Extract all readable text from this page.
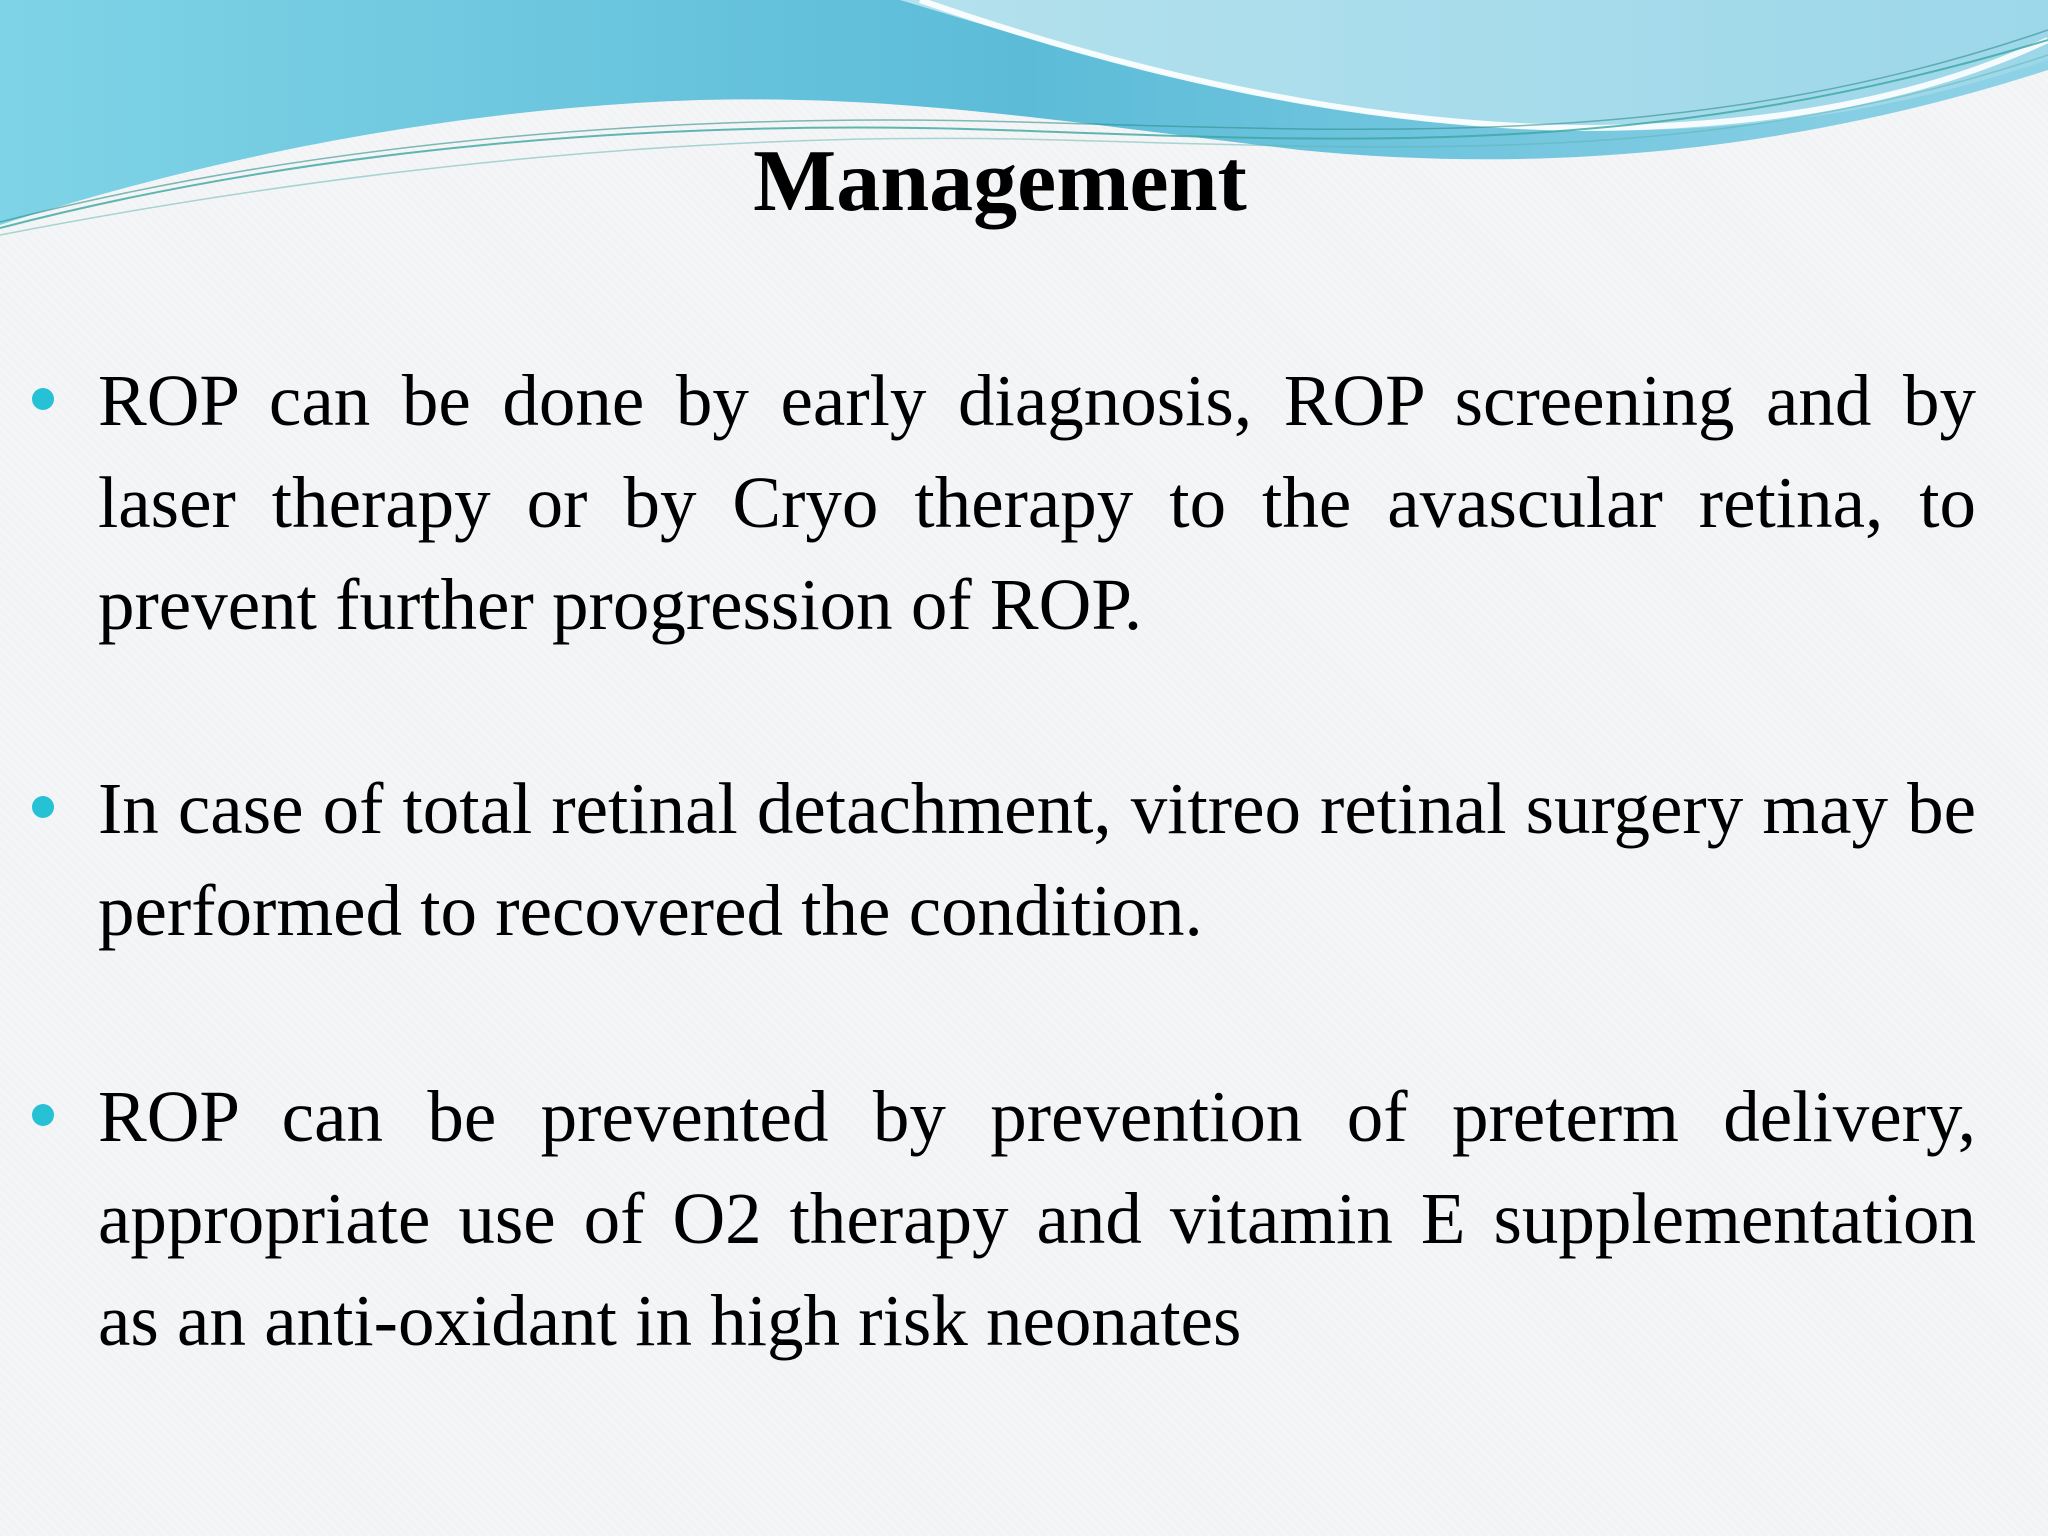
Management
ROP can be done by early diagnosis, ROP screening and by laser therapy or by Cryo therapy to the avascular retina, to prevent further progression of ROP.
In case of total retinal detachment, vitreo retinal surgery may be performed to recovered the condition.
ROP can be prevented by prevention of preterm delivery, appropriate use of O2 therapy and vitamin E supplementation as an anti-oxidant in high risk neonates
